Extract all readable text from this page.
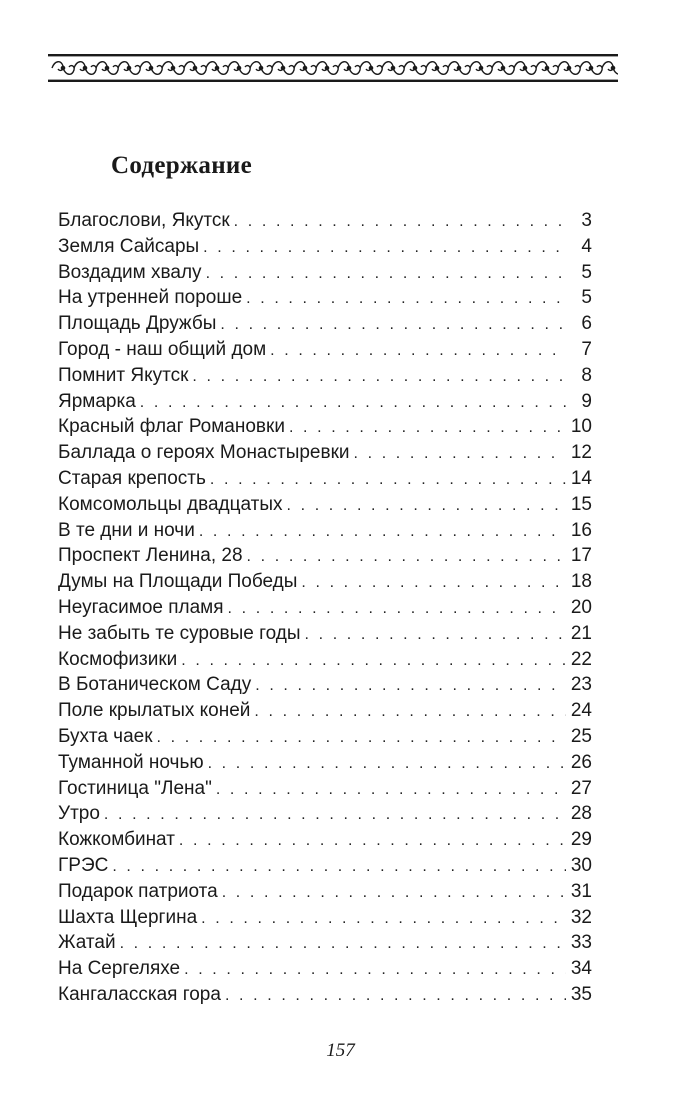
Содержание
Благослови, Якутск . . .	3
Земля Сайсары . . .	4
Воздадим хвалу . . .	5
На утренней пороше . . .	5
Площадь Дружбы . . .	6
Город - наш общий дом . . .	7
Помнит Якутск . . .	8
Ярмарка . . .	9
Красный флаг Романовки . . .	10
Баллада о героях Монастыревки . . .	12
Старая крепость . . .	14
Комсомольцы двадцатых . . .	15
В те дни и ночи . . .	16
Проспект Ленина, 28 . . .	17
Думы на Площади Победы . . .	18
Неугасимое пламя . . .	20
Не забыть те суровые годы . . .	21
Космофизики . . .	22
В Ботаническом Саду . . .	23
Поле крылатых коней . . .	24
Бухта чаек . . .	25
Туманной ночью . . .	26
Гостиница "Лена" . . .	27
Утро . . .	28
Кожкомбинат . . .	29
ГРЭС . . .	30
Подарок патриота . . .	31
Шахта Щергина . . .	32
Жатай . . .	33
На Сергеляхе . . .	34
Кангаласская гора . . .	35
157
